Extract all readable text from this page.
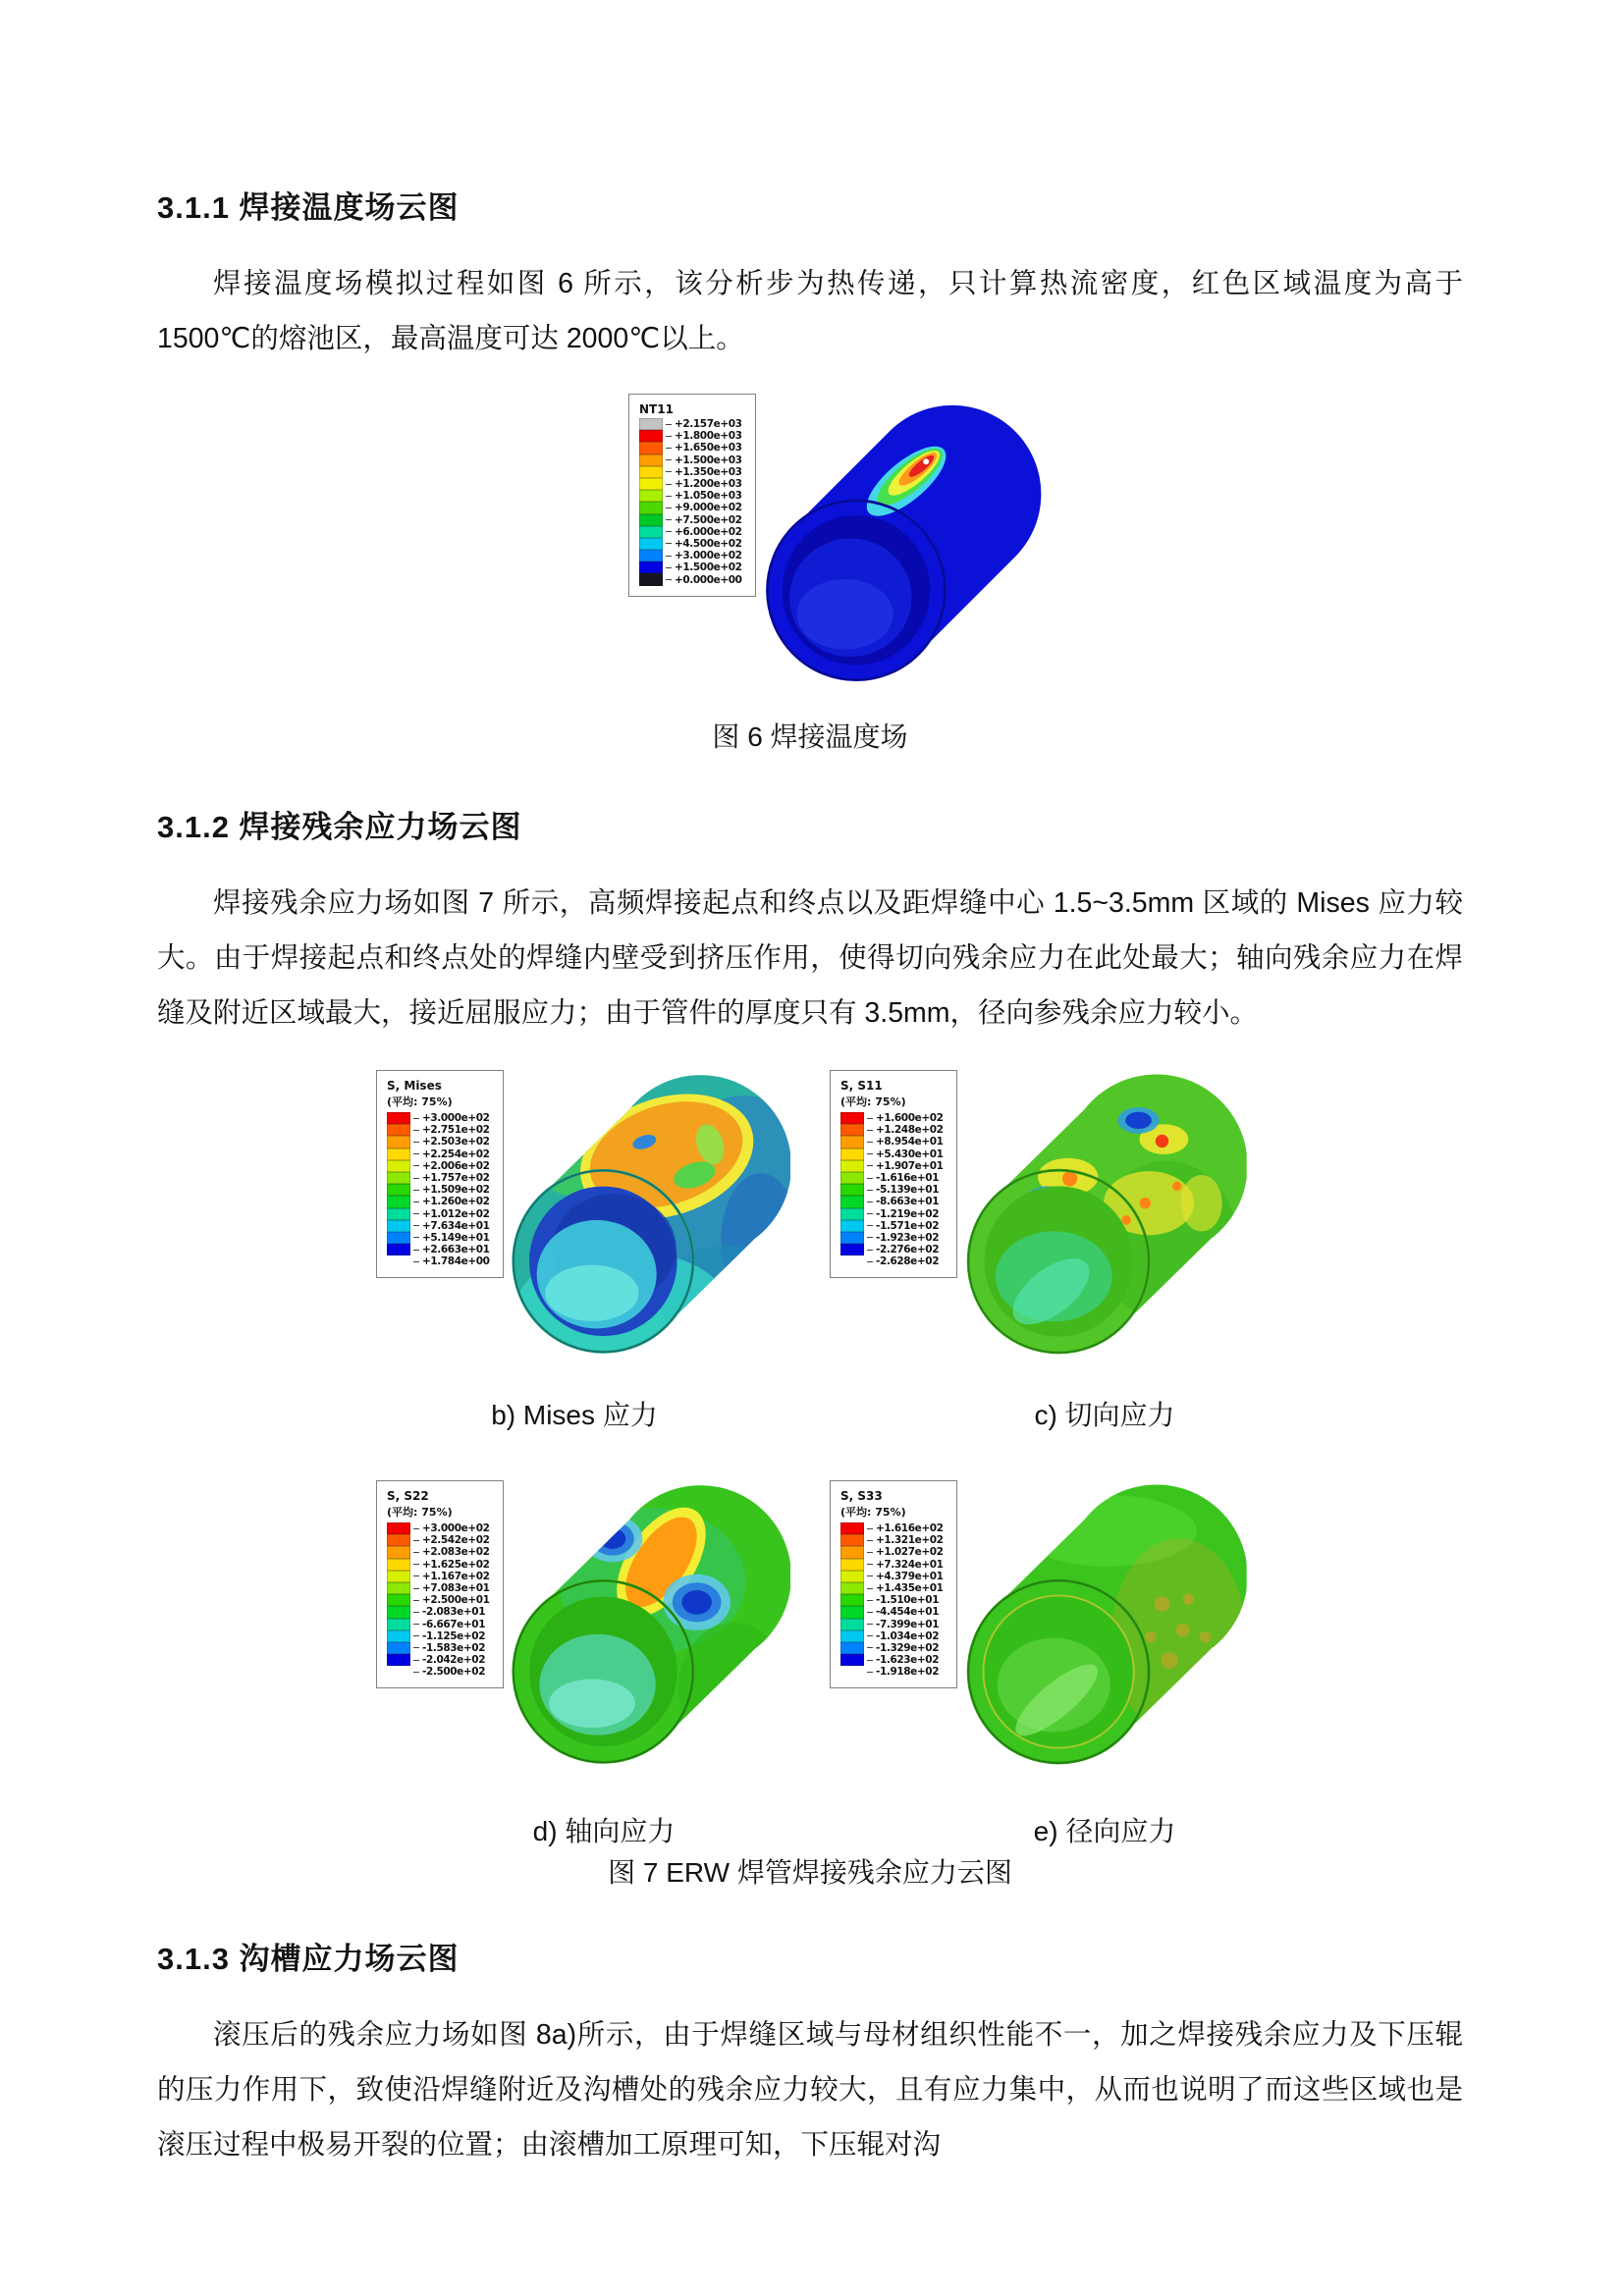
3.1.1 焊接温度场云图

焊接温度场模拟过程如图 6 所示，该分析步为热传递，只计算热流密度，红色区域温度为高于 1500℃的熔池区，最高温度可达 2000℃以上。

NT11
+2.157e+03
+1.800e+03
+1.650e+03
+1.500e+03
+1.350e+03
+1.200e+03
+1.050e+03
+9.000e+02
+7.500e+02
+6.000e+02
+4.500e+02
+3.000e+02
+1.500e+02
+0.000e+00
图 6 焊接温度场
3.1.2 焊接残余应力场云图

焊接残余应力场如图 7 所示，高频焊接起点和终点以及距焊缝中心 1.5~3.5mm 区域的 Mises 应力较大。由于焊接起点和终点处的焊缝内壁受到挤压作用，使得切向残余应力在此处最大；轴向残余应力在焊缝及附近区域最大，接近屈服应力；由于管件的厚度只有 3.5mm，径向参残余应力较小。

S, Mises
(平均: 75%)
+3.000e+02
+2.751e+02
+2.503e+02
+2.254e+02
+2.006e+02
+1.757e+02
+1.509e+02
+1.260e+02
+1.012e+02
+7.634e+01
+5.149e+01
+2.663e+01
+1.784e+00
S, S11
(平均: 75%)
+1.600e+02
+1.248e+02
+8.954e+01
+5.430e+01
+1.907e+01
-1.616e+01
-5.139e+01
-8.663e+01
-1.219e+02
-1.571e+02
-1.923e+02
-2.276e+02
-2.628e+02
b) Mises 应力	c) 切向应力
S, S22
(平均: 75%)
+3.000e+02
+2.542e+02
+2.083e+02
+1.625e+02
+1.167e+02
+7.083e+01
+2.500e+01
-2.083e+01
-6.667e+01
-1.125e+02
-1.583e+02
-2.042e+02
-2.500e+02
S, S33
(平均: 75%)
+1.616e+02
+1.321e+02
+1.027e+02
+7.324e+01
+4.379e+01
+1.435e+01
-1.510e+01
-4.454e+01
-7.399e+01
-1.034e+02
-1.329e+02
-1.623e+02
-1.918e+02
d) 轴向应力	e) 径向应力
图 7 ERW 焊管焊接残余应力云图
3.1.3 沟槽应力场云图

滚压后的残余应力场如图 8a)所示，由于焊缝区域与母材组织性能不一，加之焊接残余应力及下压辊的压力作用下，致使沿焊缝附近及沟槽处的残余应力较大，且有应力集中，从而也说明了而这些区域也是滚压过程中极易开裂的位置；由滚槽加工原理可知，下压辊对沟
